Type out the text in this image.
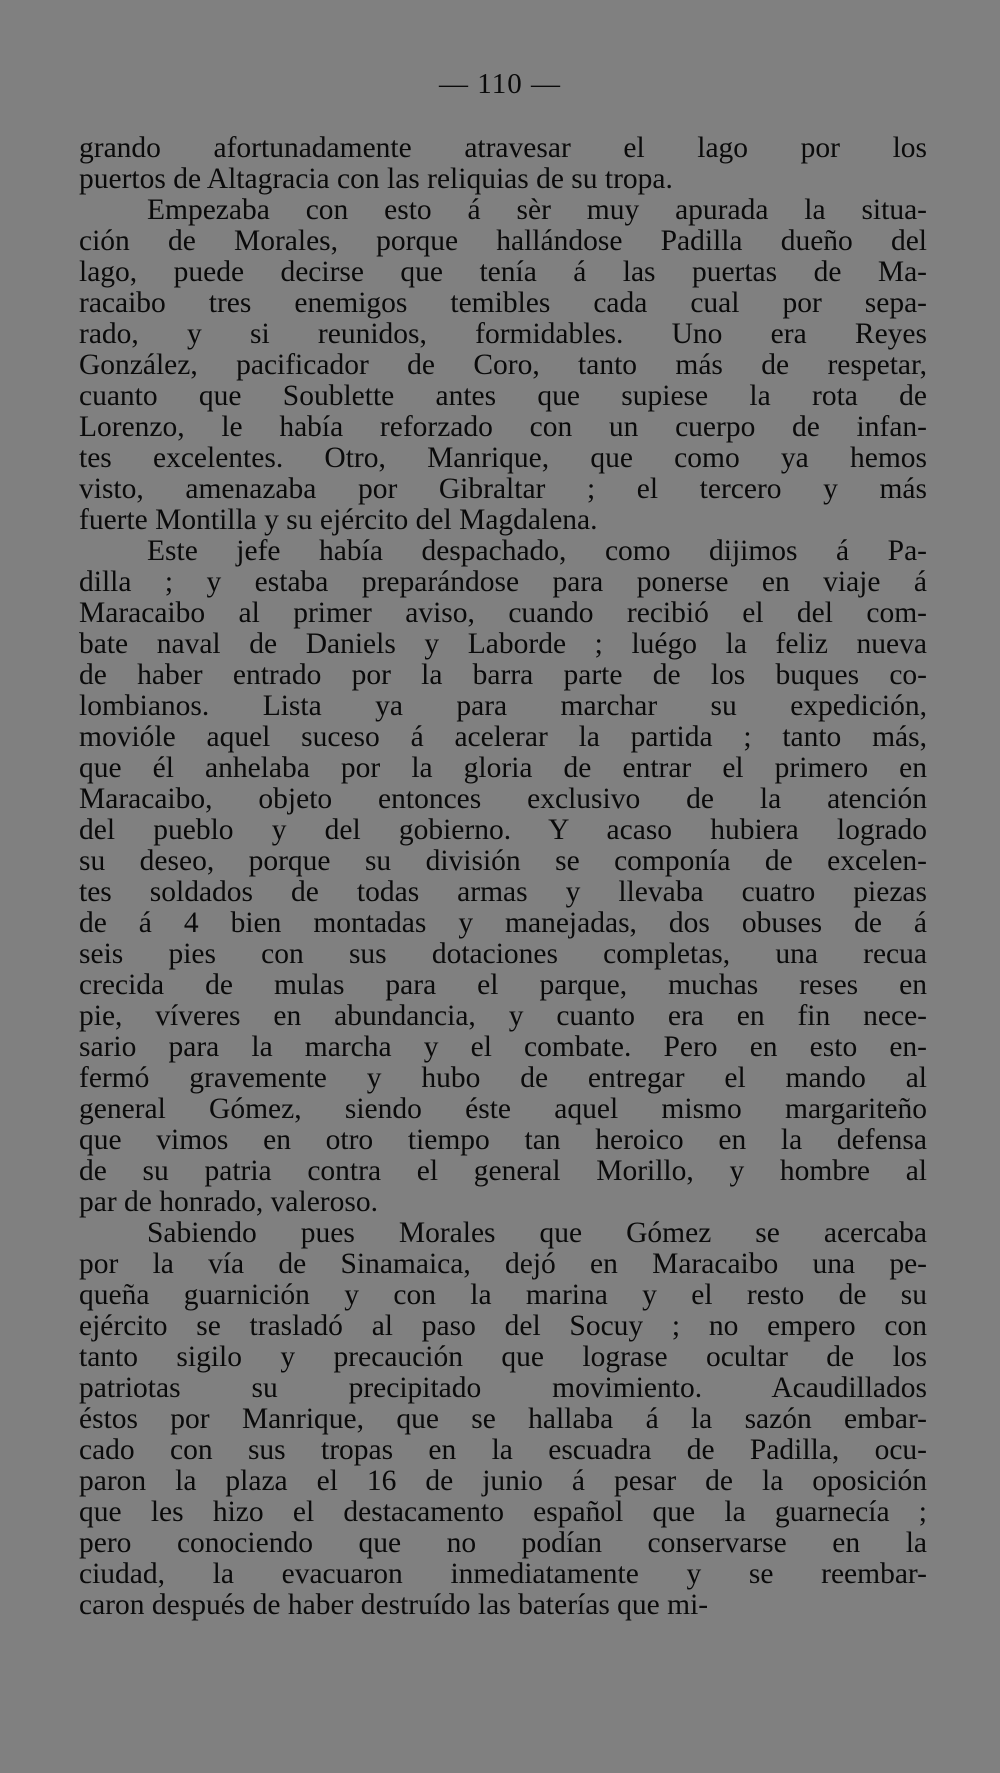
— 110 —
grando afortunadamente atravesar el lago por los
puertos de Altagracia con las reliquias de su tropa.
Empezaba con esto á sèr muy apurada la situa-
ción de Morales, porque hallándose Padilla dueño del
lago, puede decirse que tenía á las puertas de Ma-
racaibo tres enemigos temibles cada cual por sepa-
rado, y si reunidos, formidables. Uno era Reyes
González, pacificador de Coro, tanto más de respetar,
cuanto que Soublette antes que supiese la rota de
Lorenzo, le había reforzado con un cuerpo de infan-
tes excelentes. Otro, Manrique, que como ya hemos
visto, amenazaba por Gibraltar ; el tercero y más
fuerte Montilla y su ejército del Magdalena.
Este jefe había despachado, como dijimos á Pa-
dilla ; y estaba preparándose para ponerse en viaje á
Maracaibo al primer aviso, cuando recibió el del com-
bate naval de Daniels y Laborde ; luégo la feliz nueva
de haber entrado por la barra parte de los buques co-
lombianos. Lista ya para marchar su expedición,
movióle aquel suceso á acelerar la partida ; tanto más,
que él anhelaba por la gloria de entrar el primero en
Maracaibo, objeto entonces exclusivo de la atención
del pueblo y del gobierno. Y acaso hubiera logrado
su deseo, porque su división se componía de excelen-
tes soldados de todas armas y llevaba cuatro piezas
de á 4 bien montadas y manejadas, dos obuses de á
seis pies con sus dotaciones completas, una recua
crecida de mulas para el parque, muchas reses en
pie, víveres en abundancia, y cuanto era en fin nece-
sario para la marcha y el combate. Pero en esto en-
fermó gravemente y hubo de entregar el mando al
general Gómez, siendo éste aquel mismo margariteño
que vimos en otro tiempo tan heroico en la defensa
de su patria contra el general Morillo, y hombre al
par de honrado, valeroso.
Sabiendo pues Morales que Gómez se acercaba
por la vía de Sinamaica, dejó en Maracaibo una pe-
queña guarnición y con la marina y el resto de su
ejército se trasladó al paso del Socuy ; no empero con
tanto sigilo y precaución que lograse ocultar de los
patriotas su precipitado movimiento. Acaudillados
éstos por Manrique, que se hallaba á la sazón embar-
cado con sus tropas en la escuadra de Padilla, ocu-
paron la plaza el 16 de junio á pesar de la oposición
que les hizo el destacamento español que la guarnecía ;
pero conociendo que no podían conservarse en la
ciudad, la evacuaron inmediatamente y se reembar-
caron después de haber destruído las baterías que mi-
